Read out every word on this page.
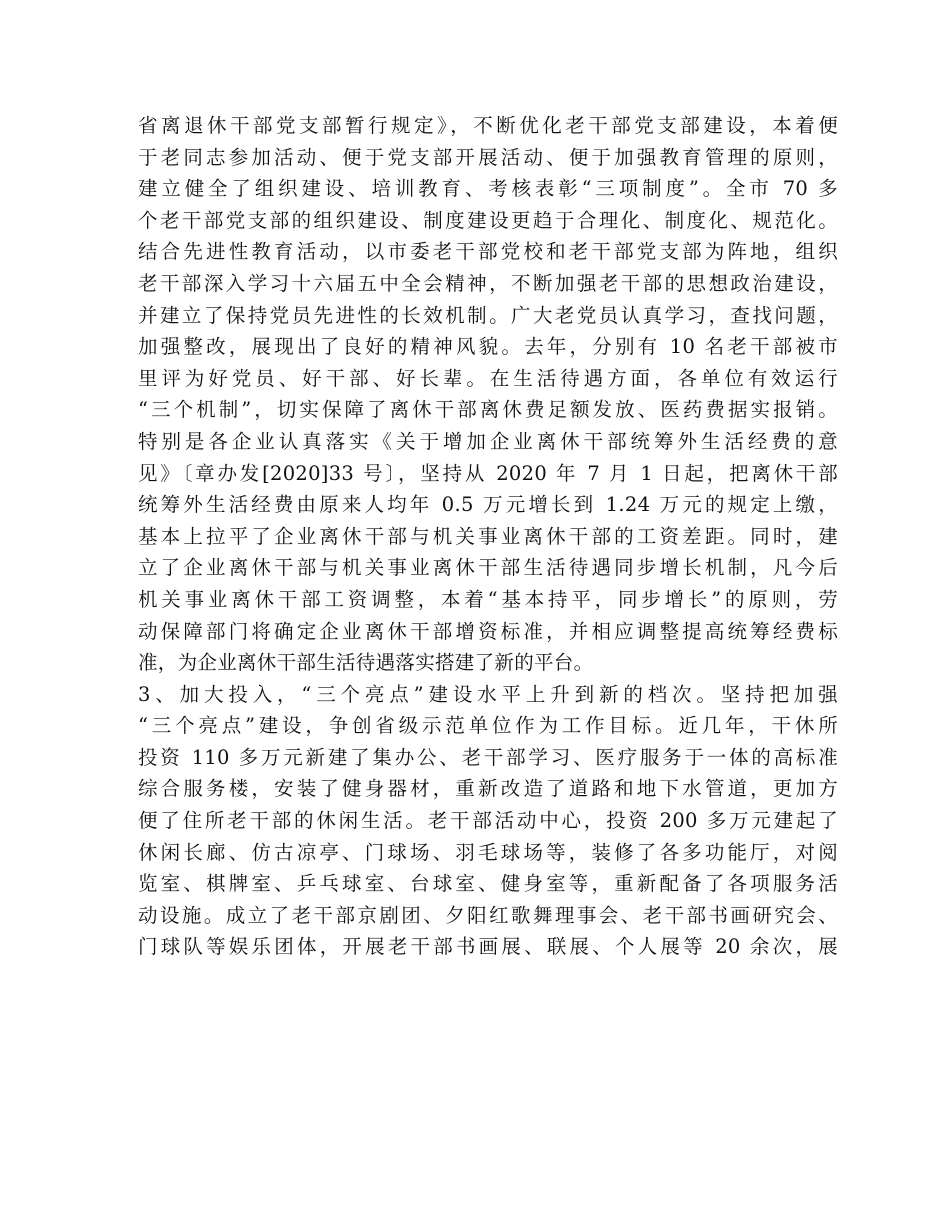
省离退休干部党支部暂行规定》，不断优化老干部党支部建设，本着便
于老同志参加活动、便于党支部开展活动、便于加强教育管理的原则，
建立健全了组织建设、培训教育、考核表彰“三项制度”。全市 70 多
个老干部党支部的组织建设、制度建设更趋于合理化、制度化、规范化。
结合先进性教育活动，以市委老干部党校和老干部党支部为阵地，组织
老干部深入学习十六届五中全会精神，不断加强老干部的思想政治建设，
并建立了保持党员先进性的长效机制。广大老党员认真学习，查找问题，
加强整改，展现出了良好的精神风貌。去年，分别有 10 名老干部被市
里评为好党员、好干部、好长辈。在生活待遇方面，各单位有效运行
“三个机制”，切实保障了离休干部离休费足额发放、医药费据实报销。
特别是各企业认真落实《关于增加企业离休干部统筹外生活经费的意
见》〔章办发[2020]33 号〕，坚持从 2020 年 7 月 1 日起，把离休干部
统筹外生活经费由原来人均年 0.5 万元增长到 1.24 万元的规定上缴，
基本上拉平了企业离休干部与机关事业离休干部的工资差距。同时，建
立了企业离休干部与机关事业离休干部生活待遇同步增长机制，凡今后
机关事业离休干部工资调整，本着“基本持平，同步增长”的原则，劳
动保障部门将确定企业离休干部增资标准，并相应调整提高统筹经费标
准，为企业离休干部生活待遇落实搭建了新的平台。
3、加大投入，“三个亮点”建设水平上升到新的档次。坚持把加强
“三个亮点”建设，争创省级示范单位作为工作目标。近几年，干休所
投资 110 多万元新建了集办公、老干部学习、医疗服务于一体的高标准
综合服务楼，安装了健身器材，重新改造了道路和地下水管道，更加方
便了住所老干部的休闲生活。老干部活动中心，投资 200 多万元建起了
休闲长廊、仿古凉亭、门球场、羽毛球场等，装修了各多功能厅，对阅
览室、棋牌室、乒乓球室、台球室、健身室等，重新配备了各项服务活
动设施。成立了老干部京剧团、夕阳红歌舞理事会、老干部书画研究会、
门球队等娱乐团体，开展老干部书画展、联展、个人展等 20 余次，展
